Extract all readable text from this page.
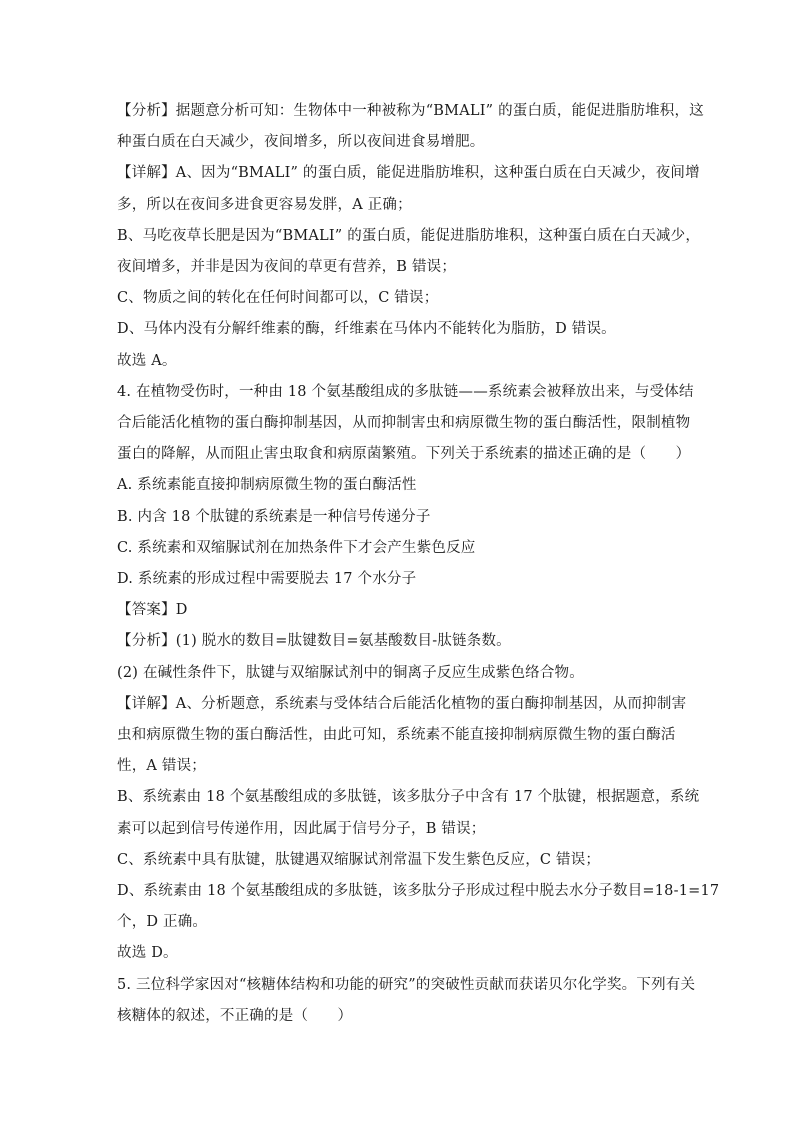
【分析】据题意分析可知：生物体中一种被称为“BMALI” 的蛋白质，能促进脂肪堆积，这
种蛋白质在白天减少，夜间增多，所以夜间进食易增肥。
【详解】A、因为“BMALI” 的蛋白质，能促进脂肪堆积，这种蛋白质在白天减少，夜间增
多，所以在夜间多进食更容易发胖，A 正确；
B、马吃夜草长肥是因为“BMALI” 的蛋白质，能促进脂肪堆积，这种蛋白质在白天减少，
夜间增多，并非是因为夜间的草更有营养，B 错误；
C、物质之间的转化在任何时间都可以，C 错误；
D、马体内没有分解纤维素的酶，纤维素在马体内不能转化为脂肪，D 错误。
故选 A。
4. 在植物受伤时，一种由 18 个氨基酸组成的多肽链——系统素会被释放出来，与受体结
合后能活化植物的蛋白酶抑制基因，从而抑制害虫和病原微生物的蛋白酶活性，限制植物
蛋白的降解，从而阻止害虫取食和病原菌繁殖。下列关于系统素的描述正确的是（　　）
A. 系统素能直接抑制病原微生物的蛋白酶活性
B. 内含 18 个肽键的系统素是一种信号传递分子
C. 系统素和双缩脲试剂在加热条件下才会产生紫色反应
D. 系统素的形成过程中需要脱去 17 个水分子
【答案】D
【分析】(1) 脱水的数目=肽键数目=氨基酸数目-肽链条数。
(2) 在碱性条件下，肽键与双缩脲试剂中的铜离子反应生成紫色络合物。
【详解】A、分析题意，系统素与受体结合后能活化植物的蛋白酶抑制基因，从而抑制害
虫和病原微生物的蛋白酶活性，由此可知，系统素不能直接抑制病原微生物的蛋白酶活
性，A 错误；
B、系统素由 18 个氨基酸组成的多肽链，该多肽分子中含有 17 个肽键，根据题意，系统
素可以起到信号传递作用，因此属于信号分子，B 错误；
C、系统素中具有肽键，肽键遇双缩脲试剂常温下发生紫色反应，C 错误；
D、系统素由 18 个氨基酸组成的多肽链，该多肽分子形成过程中脱去水分子数目=18-1=17
个，D 正确。
故选 D。
5. 三位科学家因对“核糖体结构和功能的研究”的突破性贡献而获诺贝尔化学奖。下列有关
核糖体的叙述，不正确的是（　　）
